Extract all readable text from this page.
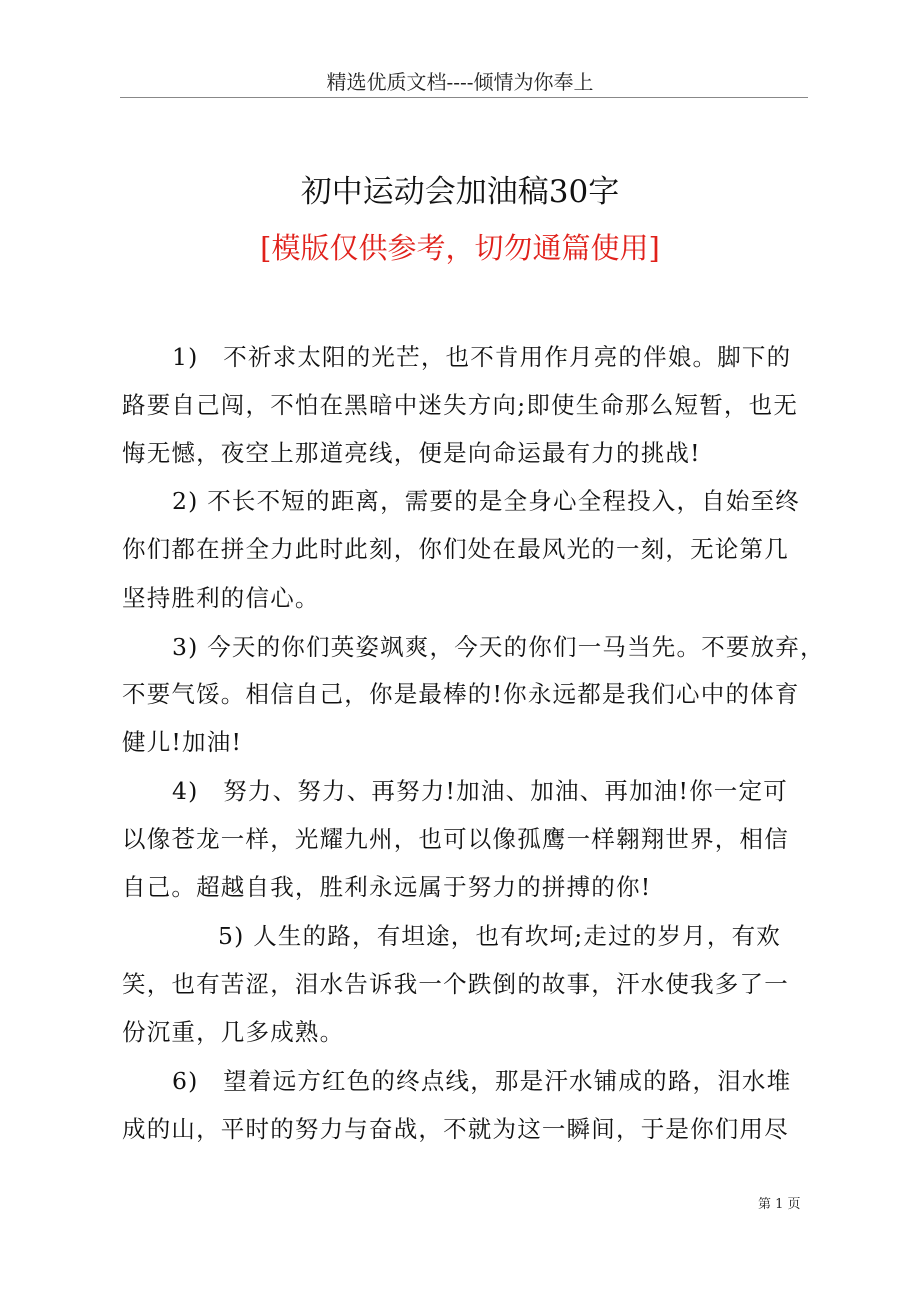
精选优质文档----倾情为你奉上
初中运动会加油稿30字
[模版仅供参考，切勿通篇使用]
1)　不祈求太阳的光芒，也不肯用作月亮的伴娘。脚下的
路要自己闯，不怕在黑暗中迷失方向;即使生命那么短暂，也无
悔无憾，夜空上那道亮线，便是向命运最有力的挑战!
2) 不长不短的距离，需要的是全身心全程投入，自始至终
你们都在拼全力此时此刻，你们处在最风光的一刻，无论第几
坚持胜利的信心。
3) 今天的你们英姿飒爽，今天的你们一马当先。不要放弃，
不要气馁。相信自己，你是最棒的!你永远都是我们心中的体育
健儿!加油!
4)　努力、努力、再努力!加油、加油、再加油!你一定可
以像苍龙一样，光耀九州，也可以像孤鹰一样翱翔世界，相信
自己。超越自我，胜利永远属于努力的拼搏的你!
5) 人生的路，有坦途，也有坎坷;走过的岁月，有欢
笑，也有苦涩，泪水告诉我一个跌倒的故事，汗水使我多了一
份沉重，几多成熟。
6)　望着远方红色的终点线，那是汗水铺成的路，泪水堆
成的山，平时的努力与奋战，不就为这一瞬间，于是你们用尽
第 1 页
